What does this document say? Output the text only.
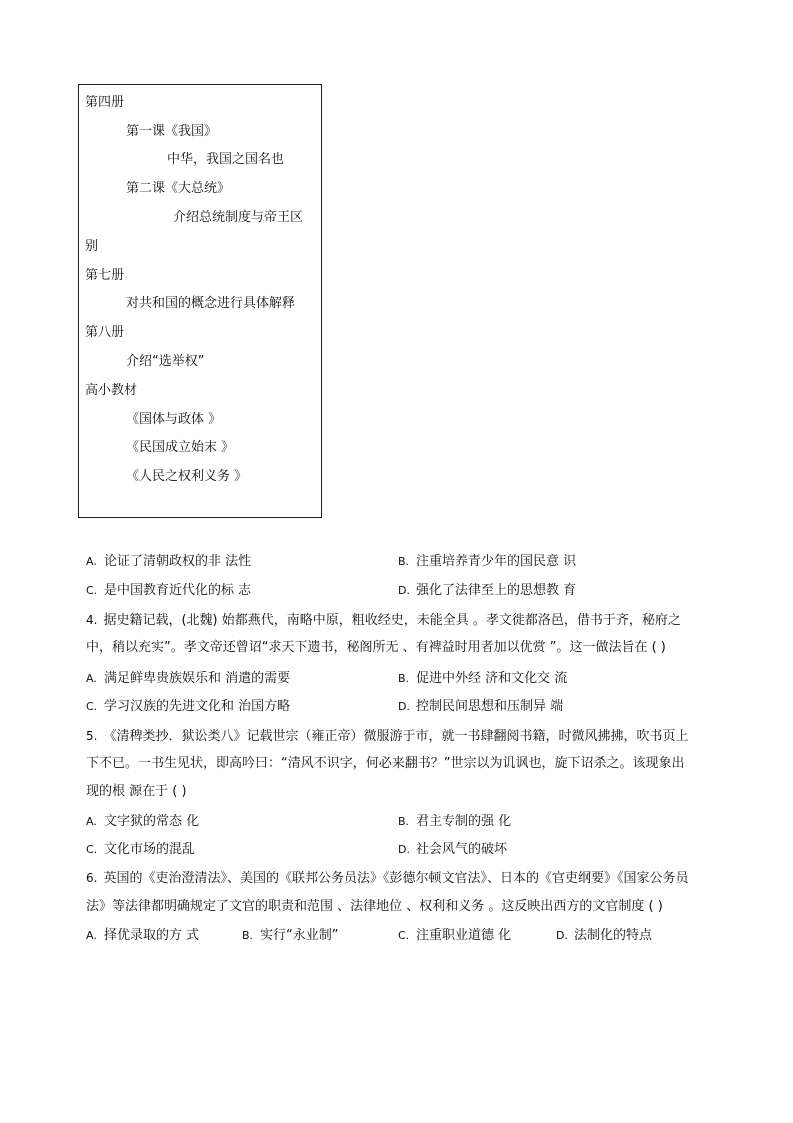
第四册
第一课《我国》
中华，我国之国名也
第二课《大总统》
介绍总统制度与帝王区
别
第七册
对共和国的概念进行具体解释
第八册
介绍“选举权”
高小教材
《国体与政体 》
《民国成立始末 》
《人民之权利义务 》
A. 论证了清朝政权的非 法性	B. 注重培养青少年的国民意 识
C. 是中国教育近代化的标 志	D. 强化了法律至上的思想教 育
4. 据史籍记载，(北魏) 始都燕代，南略中原，粗收经史，未能全具 。孝文徙都洛邑，借书于齐，秘府之
中，稍以充实”。孝文帝还曾诏“求天下遗书，秘阁所无 、有裨益时用者加以优赏 ”。这一做法旨在 ( )
A. 满足鲜卑贵族娱乐和 消遣的需要	B. 促进中外经 济和文化交 流
C. 学习汉族的先进文化和 治国方略	D. 控制民间思想和压制异 端
5. 《清稗类抄．狱讼类八》记载世宗（雍正帝）微服游于市，就一书肆翻阅书籍，时微风拂拂，吹书页上
下不已。一书生见状，即高吟曰：“清风不识字，何必来翻书？”世宗以为讥讽也，旋下诏杀之。该现象出
现的根 源在于 ( )
A. 文字狱的常态 化	B. 君主专制的强 化
C. 文化市场的混乱	D. 社会风气的破坏
6. 英国的《吏治澄清法》、美国的《联邦公务员法》《彭德尔顿文官法》、日本的《官吏纲要》《国家公务员
法》等法律都明确规定了文官的职责和范围 、法律地位 、权利和义务 。这反映出西方的文官制度 ( )
A. 择优录取的方 式	B. 实行“永业制”	C. 注重职业道德 化	D. 法制化的特点
